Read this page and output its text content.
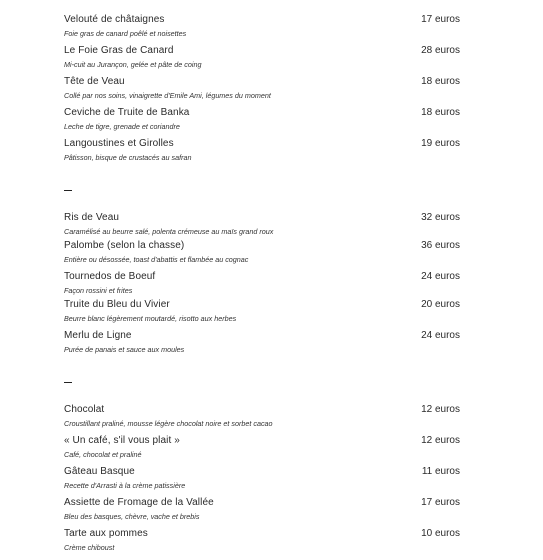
Velouté de châtaignes	17 euros
Foie gras de canard poêlé et noisettes
Le Foie Gras de Canard	28 euros
Mi-cuit au Jurançon, gelée et pâte de coing
Tête de Veau	18 euros
Collé par nos soins, vinaigrette d'Emile Ami, légumes du moment
Ceviche de Truite de Banka	18 euros
Leche de tigre, grenade et coriandre
Langoustines et Girolles	19 euros
Pâtisson, bisque de crustacés au safran
Ris de Veau	32 euros
Caramélisé au beurre salé, polenta crémeuse au maïs grand roux
Palombe (selon la chasse)	36 euros
Entière ou désossée, toast d'abattis et flambée au cognac
Tournedos de Boeuf	24 euros
Façon rossini et frites
Truite du Bleu du Vivier	20 euros
Beurre blanc légèrement moutardé, risotto aux herbes
Merlu de Ligne	24 euros
Purée de panais et sauce aux moules
Chocolat	12 euros
Croustillant praliné, mousse légère chocolat noire et sorbet cacao
« Un café, s'il vous plait »	12 euros
Café, chocolat et praliné
Gâteau Basque	11 euros
Recette d'Arrasti à la crème patissière
Assiette de Fromage de la Vallée	17 euros
Bleu des basques, chèvre, vache et brebis
Tarte aux pommes	10 euros
Crème chiboust
